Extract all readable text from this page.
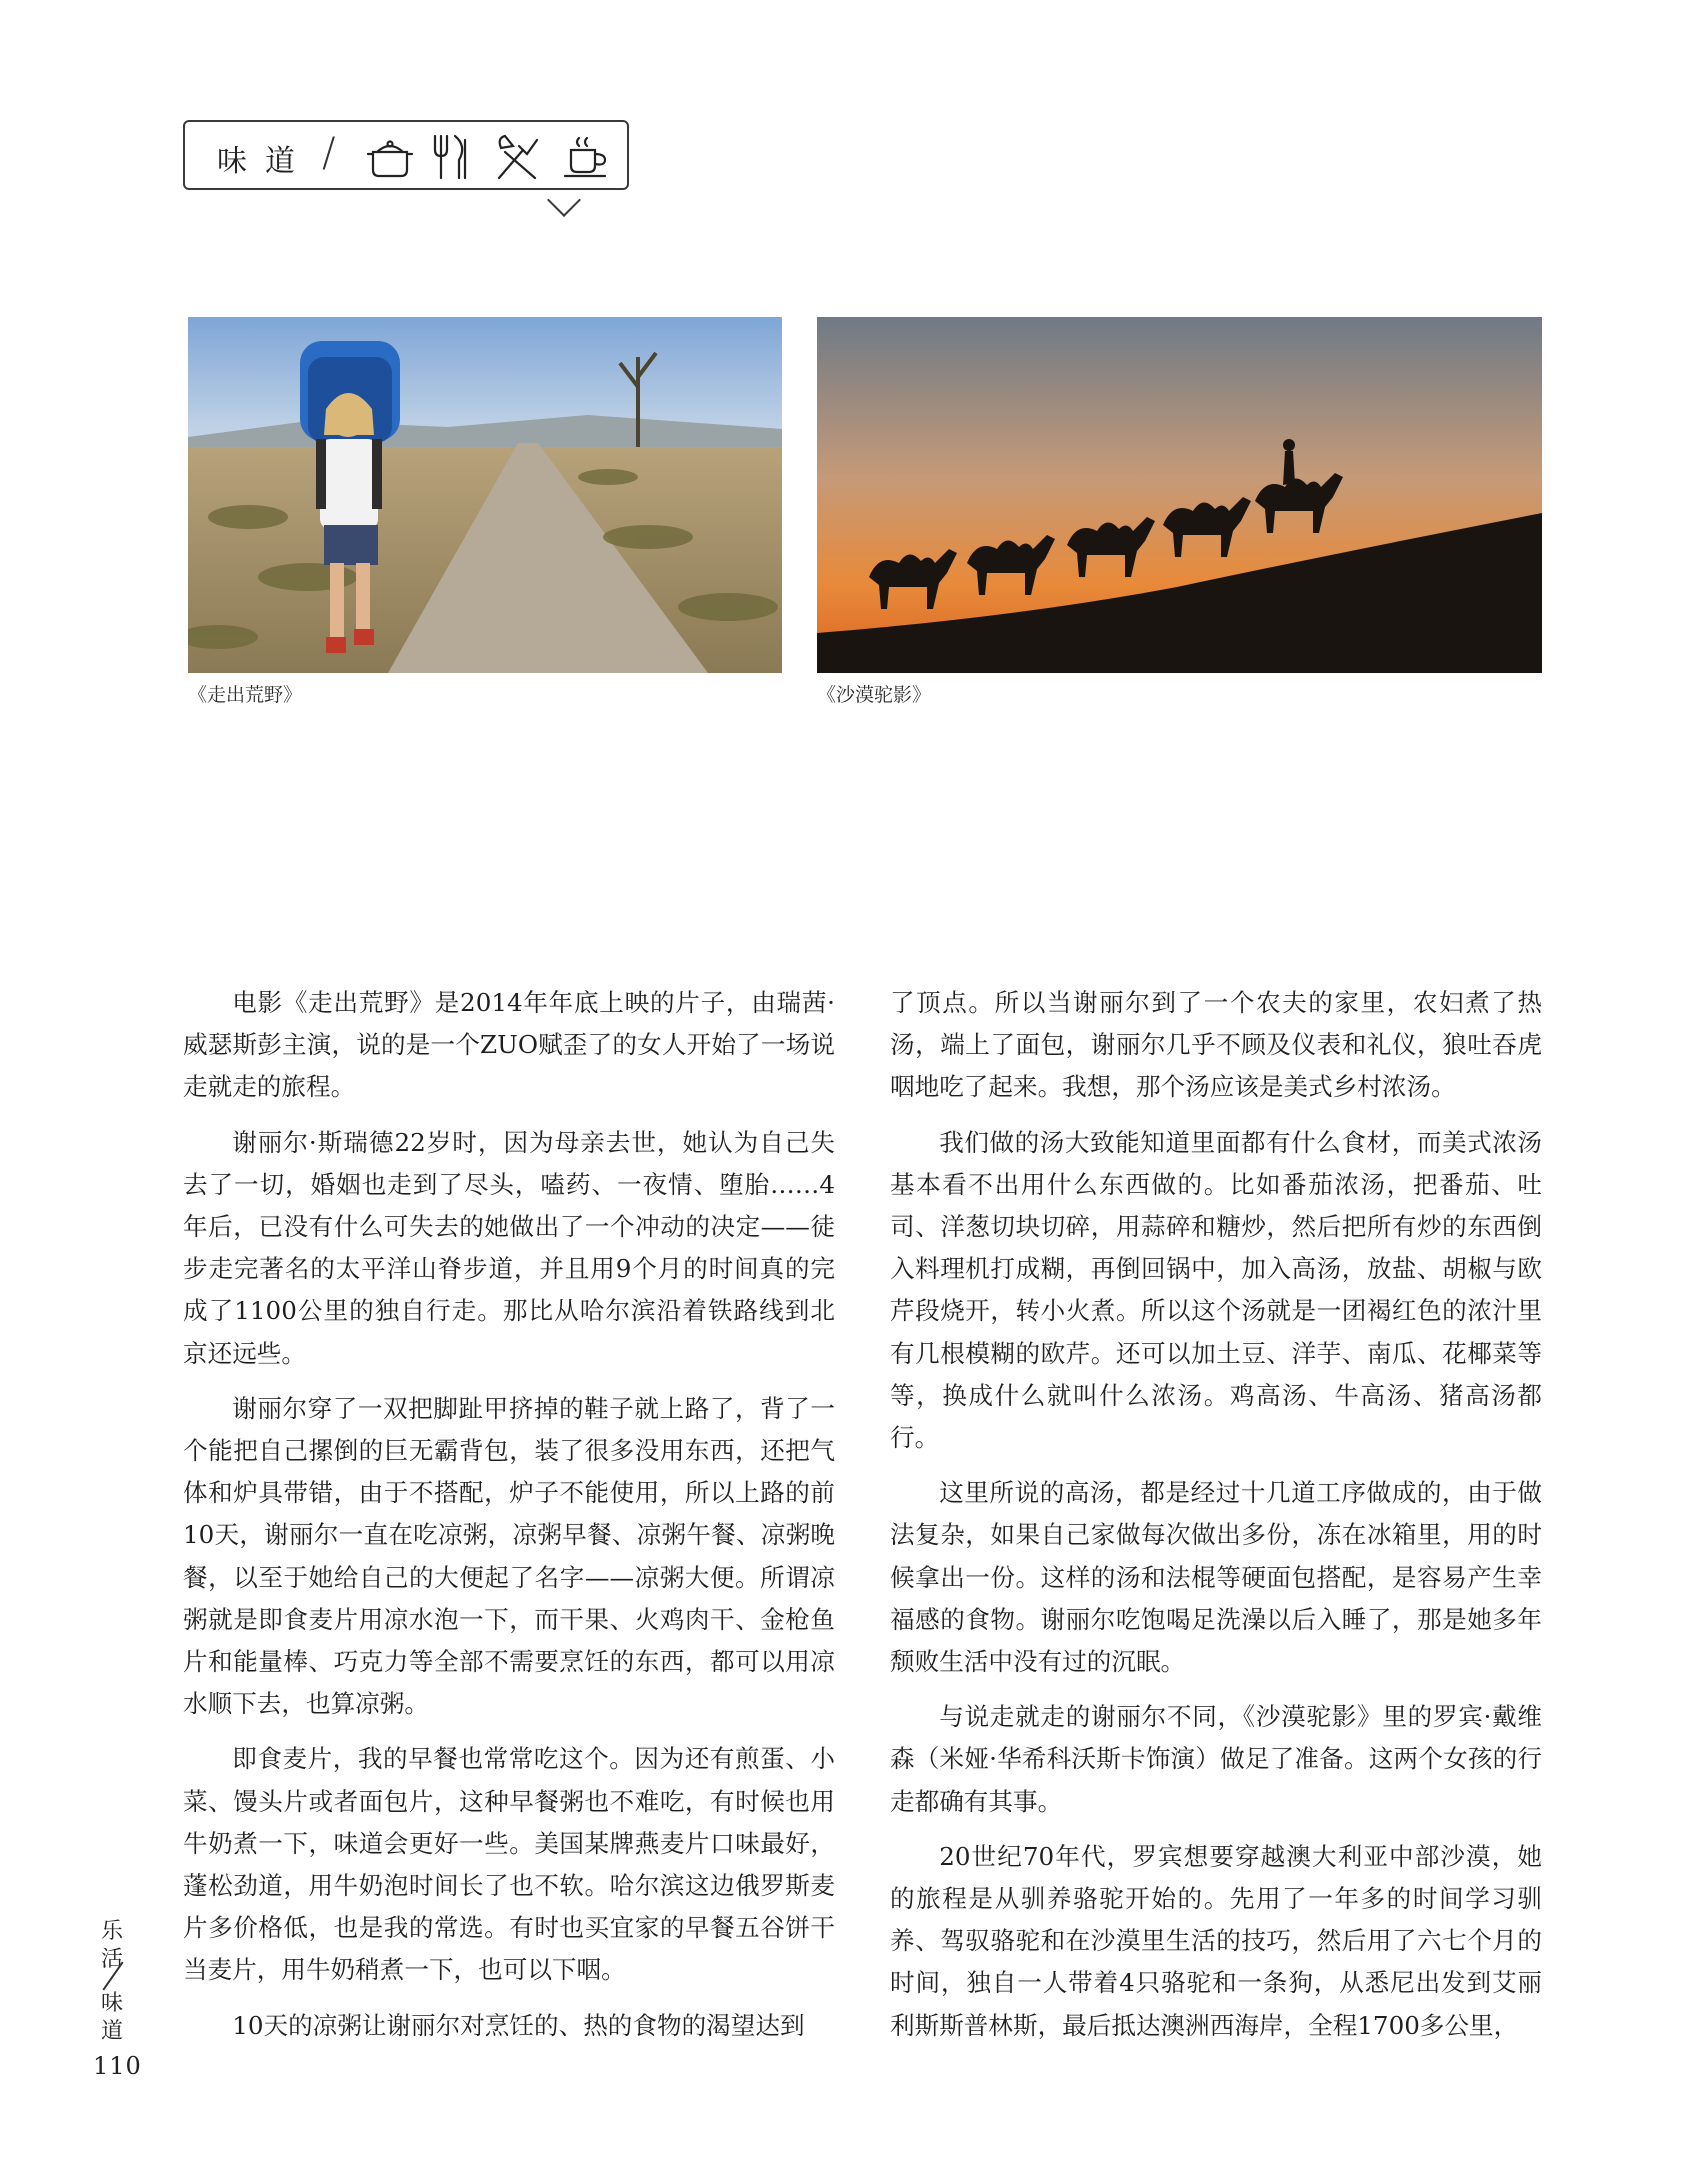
味道 /
《走出荒野》	《沙漠驼影》

电影《走出荒野》是2014年年底上映的片子，由瑞茜·威瑟斯彭主演，说的是一个ZUO赋歪了的女人开始了一场说走就走的旅程。

谢丽尔·斯瑞德22岁时，因为母亲去世，她认为自己失去了一切，婚姻也走到了尽头，嗑药、一夜情、堕胎……4年后，已没有什么可失去的她做出了一个冲动的决定——徒步走完著名的太平洋山脊步道，并且用9个月的时间真的完成了1100公里的独自行走。那比从哈尔滨沿着铁路线到北京还远些。

谢丽尔穿了一双把脚趾甲挤掉的鞋子就上路了，背了一个能把自己摞倒的巨无霸背包，装了很多没用东西，还把气体和炉具带错，由于不搭配，炉子不能使用，所以上路的前10天，谢丽尔一直在吃凉粥，凉粥早餐、凉粥午餐、凉粥晚餐，以至于她给自己的大便起了名字——凉粥大便。所谓凉粥就是即食麦片用凉水泡一下，而干果、火鸡肉干、金枪鱼片和能量棒、巧克力等全部不需要烹饪的东西，都可以用凉水顺下去，也算凉粥。

即食麦片，我的早餐也常常吃这个。因为还有煎蛋、小菜、馒头片或者面包片，这种早餐粥也不难吃，有时候也用牛奶煮一下，味道会更好一些。美国某牌燕麦片口味最好，蓬松劲道，用牛奶泡时间长了也不软。哈尔滨这边俄罗斯麦片多价格低，也是我的常选。有时也买宜家的早餐五谷饼干当麦片，用牛奶稍煮一下，也可以下咽。

10天的凉粥让谢丽尔对烹饪的、热的食物的渴望达到

了顶点。所以当谢丽尔到了一个农夫的家里，农妇煮了热汤，端上了面包，谢丽尔几乎不顾及仪表和礼仪，狼吐吞虎咽地吃了起来。我想，那个汤应该是美式乡村浓汤。

我们做的汤大致能知道里面都有什么食材，而美式浓汤基本看不出用什么东西做的。比如番茄浓汤，把番茄、吐司、洋葱切块切碎，用蒜碎和糖炒，然后把所有炒的东西倒入料理机打成糊，再倒回锅中，加入高汤，放盐、胡椒与欧芹段烧开，转小火煮。所以这个汤就是一团褐红色的浓汁里有几根模糊的欧芹。还可以加土豆、洋芋、南瓜、花椰菜等等，换成什么就叫什么浓汤。鸡高汤、牛高汤、猪高汤都行。

这里所说的高汤，都是经过十几道工序做成的，由于做法复杂，如果自己家做每次做出多份，冻在冰箱里，用的时候拿出一份。这样的汤和法棍等硬面包搭配，是容易产生幸福感的食物。谢丽尔吃饱喝足洗澡以后入睡了，那是她多年颓败生活中没有过的沉眠。

与说走就走的谢丽尔不同，《沙漠驼影》里的罗宾·戴维森（米娅·华希科沃斯卡饰演）做足了准备。这两个女孩的行走都确有其事。

20世纪70年代，罗宾想要穿越澳大利亚中部沙漠，她的旅程是从驯养骆驼开始的。先用了一年多的时间学习驯养、驾驭骆驼和在沙漠里生活的技巧，然后用了六七个月的时间，独自一人带着4只骆驼和一条狗，从悉尼出发到艾丽利斯斯普林斯，最后抵达澳洲西海岸，全程1700多公里，

乐
活
味
道
110
